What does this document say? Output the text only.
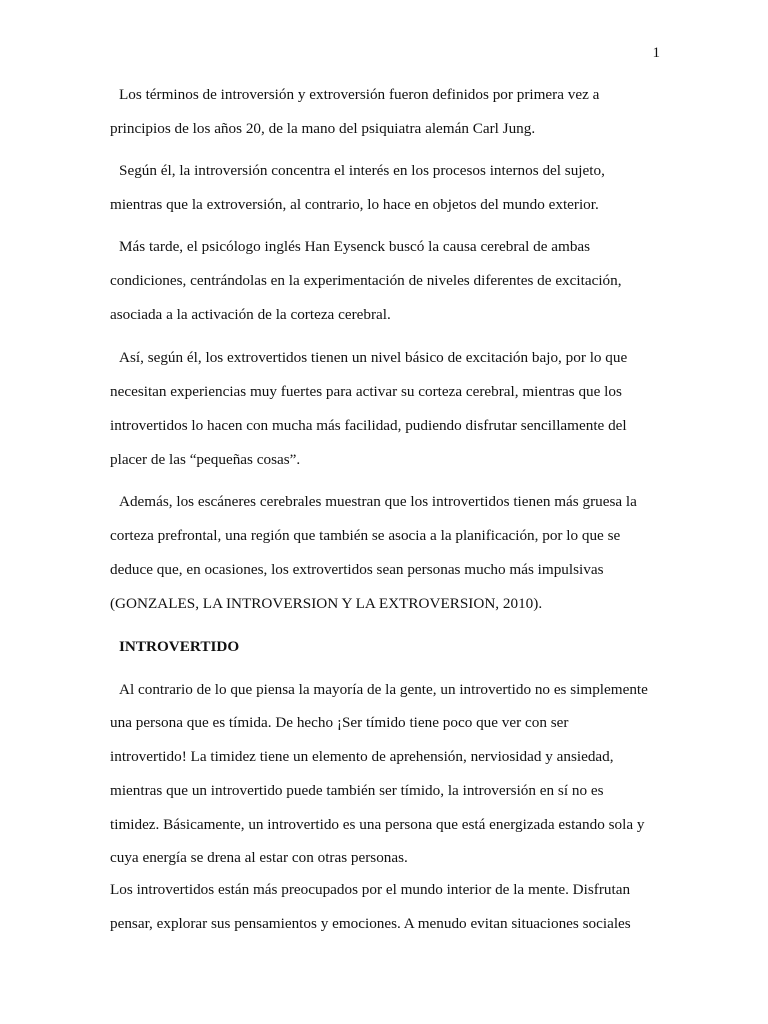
1
Los términos de introversión y extroversión fueron definidos por primera vez a
principios de los años 20, de la mano del psiquiatra alemán Carl Jung.
Según él, la introversión concentra el interés en los procesos internos del sujeto,
mientras que la extroversión, al contrario, lo hace en objetos del mundo exterior.
Más tarde, el psicólogo inglés Han Eysenck buscó la causa cerebral de ambas
condiciones, centrándolas en la experimentación de niveles diferentes de excitación,
asociada a la activación de la corteza cerebral.
Así, según él, los extrovertidos tienen un nivel básico de excitación bajo, por lo que
necesitan experiencias muy fuertes para activar su corteza cerebral, mientras que los
introvertidos lo hacen con mucha más facilidad, pudiendo disfrutar sencillamente del
placer de las “pequeñas cosas”.
Además, los escáneres cerebrales muestran que los introvertidos tienen más gruesa la
corteza prefrontal, una región que también se asocia a la planificación, por lo que se
deduce que, en ocasiones, los extrovertidos sean personas mucho más impulsivas
(GONZALES, LA INTROVERSION Y LA EXTROVERSION, 2010).
INTROVERTIDO
Al contrario de lo que piensa la mayoría de la gente, un introvertido no es simplemente
una persona que es tímida. De hecho ¡Ser tímido tiene poco que ver con ser
introvertido! La timidez tiene un elemento de aprehensión, nerviosidad y ansiedad,
mientras que un introvertido puede también ser tímido, la introversión en sí no es
timidez. Básicamente, un introvertido es una persona que está energizada estando sola y
cuya energía se drena al estar con otras personas.
Los introvertidos están más preocupados por el mundo interior de la mente. Disfrutan
pensar, explorar sus pensamientos y emociones. A menudo evitan situaciones sociales
